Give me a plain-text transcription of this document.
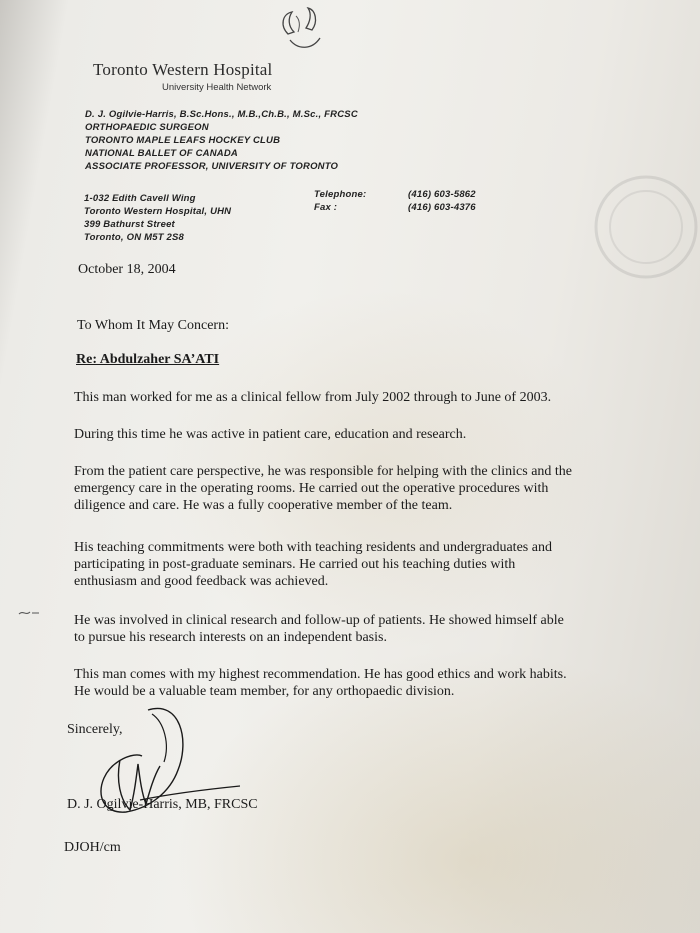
Toronto Western Hospital
University Health Network
D. J. Ogilvie-Harris, B.Sc.Hons., M.B.,Ch.B., M.Sc., FRCSC
ORTHOPAEDIC SURGEON
TORONTO MAPLE LEAFS HOCKEY CLUB
NATIONAL BALLET OF CANADA
ASSOCIATE PROFESSOR, UNIVERSITY OF TORONTO
1-032 Edith Cavell Wing
Toronto Western Hospital, UHN
399 Bathurst Street
Toronto, ON M5T 2S8
Telephone:
Fax :
(416) 603-5862
(416) 603-4376
October 18, 2004
To Whom It May Concern:
Re: Abdulzaher SA’ATI
This man worked for me as a clinical fellow from July 2002 through to June of 2003.
During this time he was active in patient care, education and research.
From the patient care perspective, he was responsible for helping with the clinics and the
emergency care in the operating rooms. He carried out the operative procedures with
diligence and care. He was a fully cooperative member of the team.
His teaching commitments were both with teaching residents and undergraduates and
participating in post-graduate seminars. He carried out his teaching duties with
enthusiasm and good feedback was achieved.
He was involved in clinical research and follow-up of patients. He showed himself able
to pursue his research interests on an independent basis.
This man comes with my highest recommendation. He has good ethics and work habits.
He would be a valuable team member, for any orthopaedic division.
Sincerely,
D. J. Ogilvie-Harris, MB, FRCSC
DJOH/cm
